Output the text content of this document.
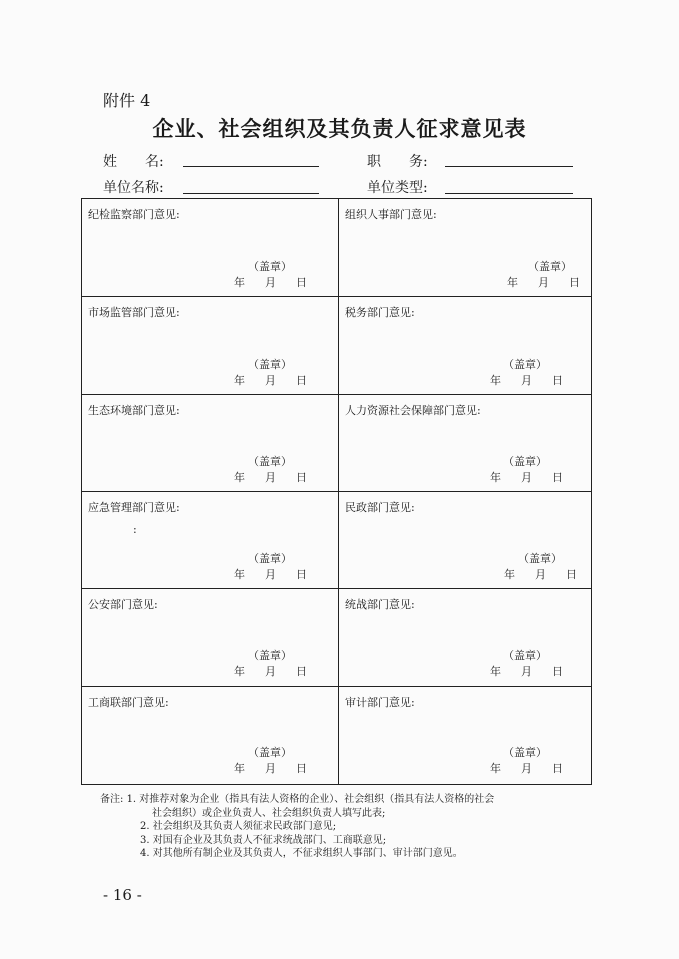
附件 4
企业、社会组织及其负责人征求意见表
姓　　名:	职　　务:
单位名称:	单位类型:
纪检监察部门意见:
（盖章）
年 月 日
组织人事部门意见:
（盖章）
年 月 日
市场监管部门意见:
（盖章）
年 月 日
税务部门意见:
（盖章）
年 月 日
生态环境部门意见:
（盖章）
年 月 日
人力资源社会保障部门意见:
（盖章）
年 月 日
应急管理部门意见:
（盖章）
年 月 日
民政部门意见:
（盖章）
年 月 日
公安部门意见:
（盖章）
年 月 日
统战部门意见:
（盖章）
年 月 日
工商联部门意见:
（盖章）
年 月 日
审计部门意见:
（盖章）
年 月 日
:
备注: 1. 对推荐对象为企业（指具有法人资格的企业）、社会组织（指具有法人资格的社会
社会组织）或企业负责人、社会组织负责人填写此表;
2. 社会组织及其负责人须征求民政部门意见;
3. 对国有企业及其负责人不征求统战部门、工商联意见;
4. 对其他所有制企业及其负责人，不征求组织人事部门、审计部门意见。
- 16 -
